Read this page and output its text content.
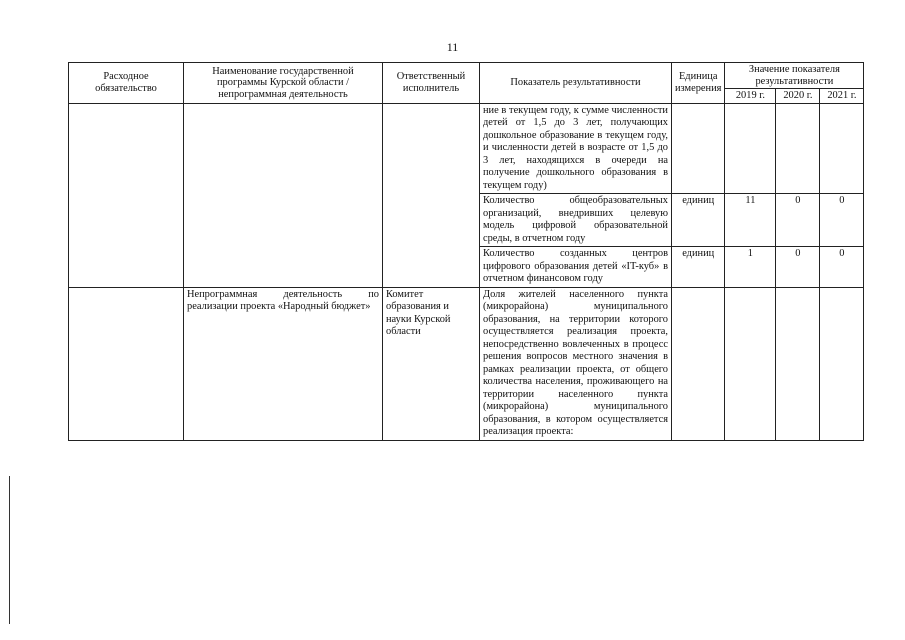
11
Расходное обязательство	Наименование государственной программы Курской области / непрограммная деятельность	Ответственный исполнитель	Показатель результативности	Единица измерения	Значение показателя результативности		
					2019 г.	2020 г.	2021 г.
			ние в текущем году, к сумме численности детей от 1,5 до 3 лет, получающих дошкольное образование в текущем году, и численности детей в возрасте от 1,5 до 3 лет, находящихся в очереди на получение дошкольного образования в текущем году)				
			Количество общеобразовательных организаций, внедривших целевую модель цифровой образовательной среды, в отчетном году	единиц	11	0	0
			Количество созданных центров цифрового образования детей «IT-куб» в отчетном финансовом году	единиц	1	0	0
	Непрограммная деятельность по реализации проекта «Народный бюджет»	Комитет образования и науки Курской области	Доля жителей населенного пункта (микрорайона) муниципального образования, на территории которого осуществляется реализация проекта, непосредственно вовлеченных в процесс решения вопросов местного значения в рамках реализации проекта, от общего количества населения, проживающего на территории населенного пункта (микрорайона) муниципального образования, в котором осуществляется реализация проекта:				
